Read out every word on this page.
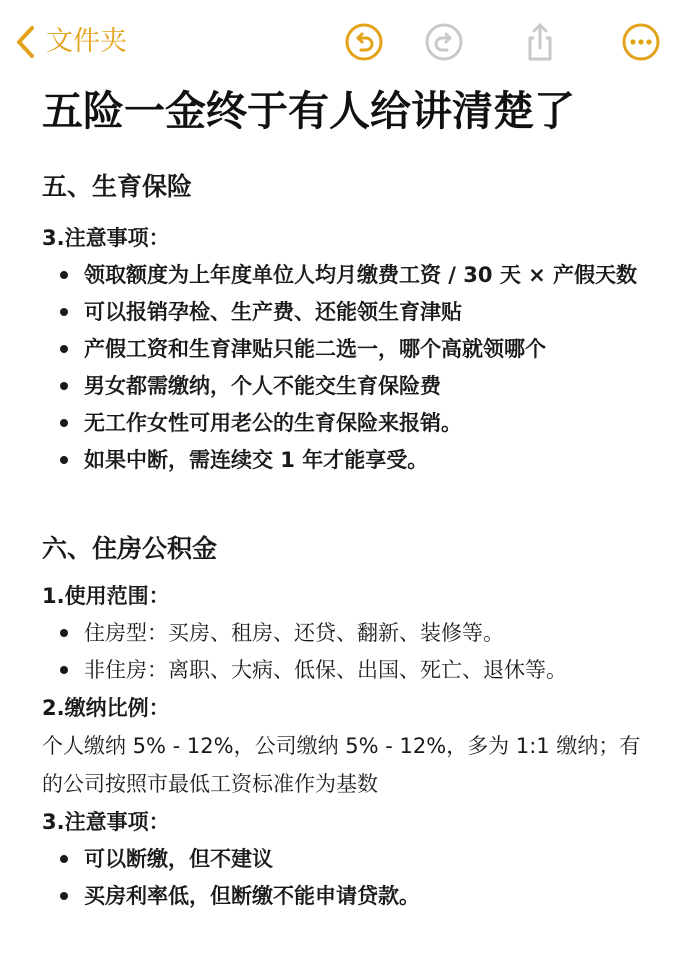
文件夹
五险一金终于有人给讲清楚了
五、生育保险
3.注意事项：
领取额度为上年度单位人均月缴费工资 / 30 天 × 产假天数
可以报销孕检、生产费、还能领生育津贴
产假工资和生育津贴只能二选一，哪个高就领哪个
男女都需缴纳，个人不能交生育保险费
无工作女性可用老公的生育保险来报销。
如果中断，需连续交 1 年才能享受。
六、住房公积金
1.使用范围：
住房型：买房、租房、还贷、翻新、装修等。
非住房：离职、大病、低保、出国、死亡、退休等。
2.缴纳比例：

个人缴纳 5% - 12%，公司缴纳 5% - 12%，多为 1:1 缴纳；有的公司按照市最低工资标准作为基数

3.注意事项：
可以断缴，但不建议
买房利率低，但断缴不能申请贷款。
